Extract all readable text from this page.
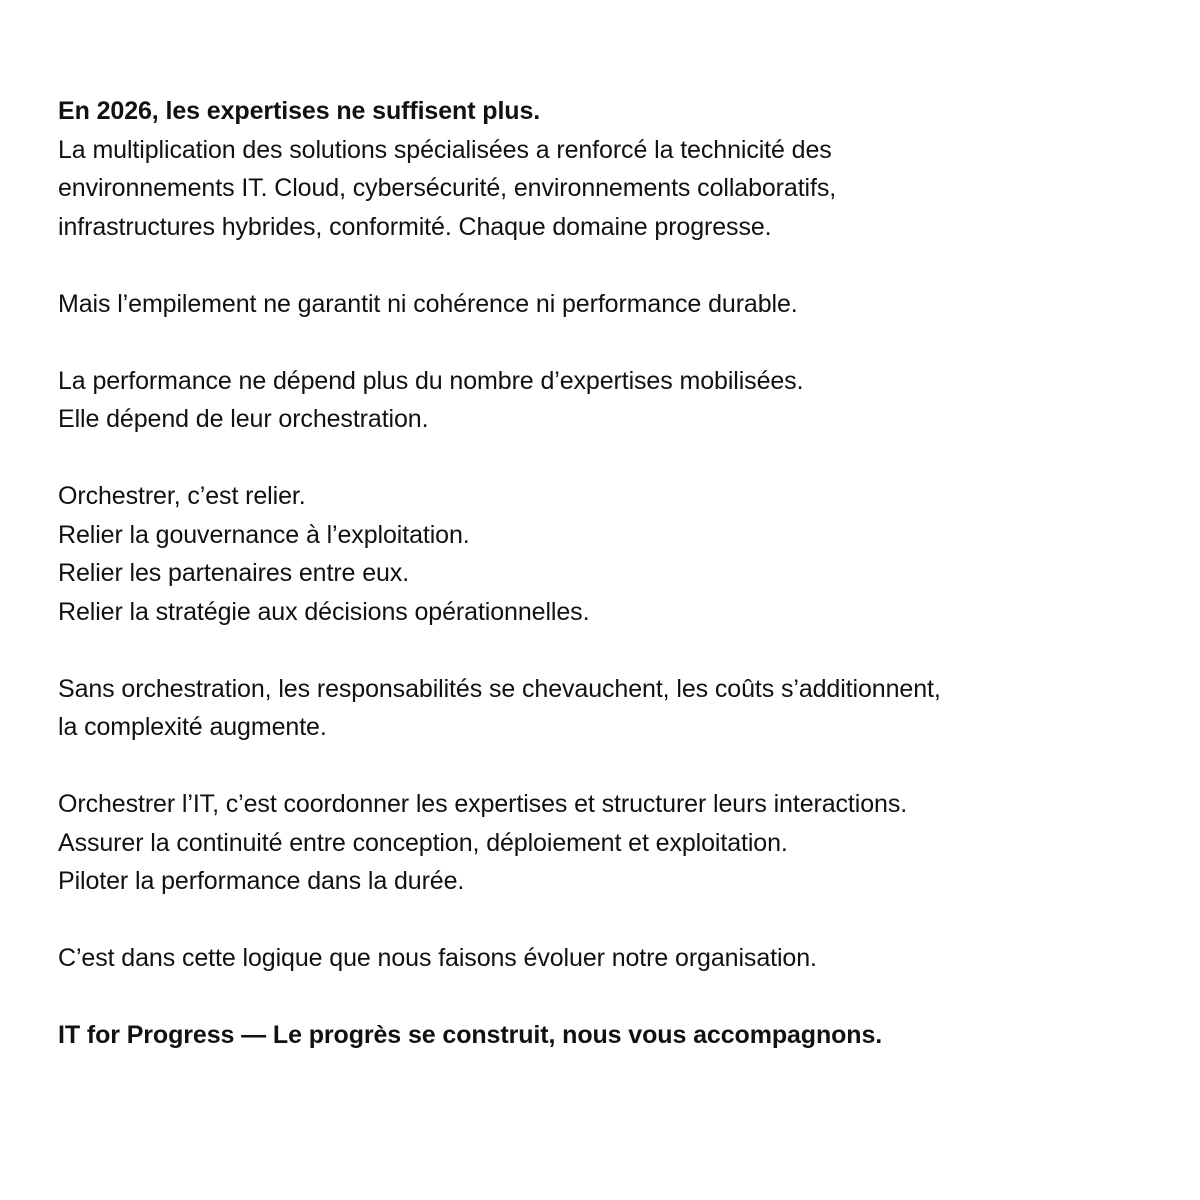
En 2026, les expertises ne suffisent plus.
La multiplication des solutions spécialisées a renforcé la technicité des
environnements IT. Cloud, cybersécurité, environnements collaboratifs,
infrastructures hybrides, conformité. Chaque domaine progresse.
Mais l’empilement ne garantit ni cohérence ni performance durable.
La performance ne dépend plus du nombre d’expertises mobilisées.
Elle dépend de leur orchestration.
Orchestrer, c’est relier.
Relier la gouvernance à l’exploitation.
Relier les partenaires entre eux.
Relier la stratégie aux décisions opérationnelles.
Sans orchestration, les responsabilités se chevauchent, les coûts s’additionnent,
la complexité augmente.
Orchestrer l’IT, c’est coordonner les expertises et structurer leurs interactions.
Assurer la continuité entre conception, déploiement et exploitation.
Piloter la performance dans la durée.
C’est dans cette logique que nous faisons évoluer notre organisation.
IT for Progress — Le progrès se construit, nous vous accompagnons.
